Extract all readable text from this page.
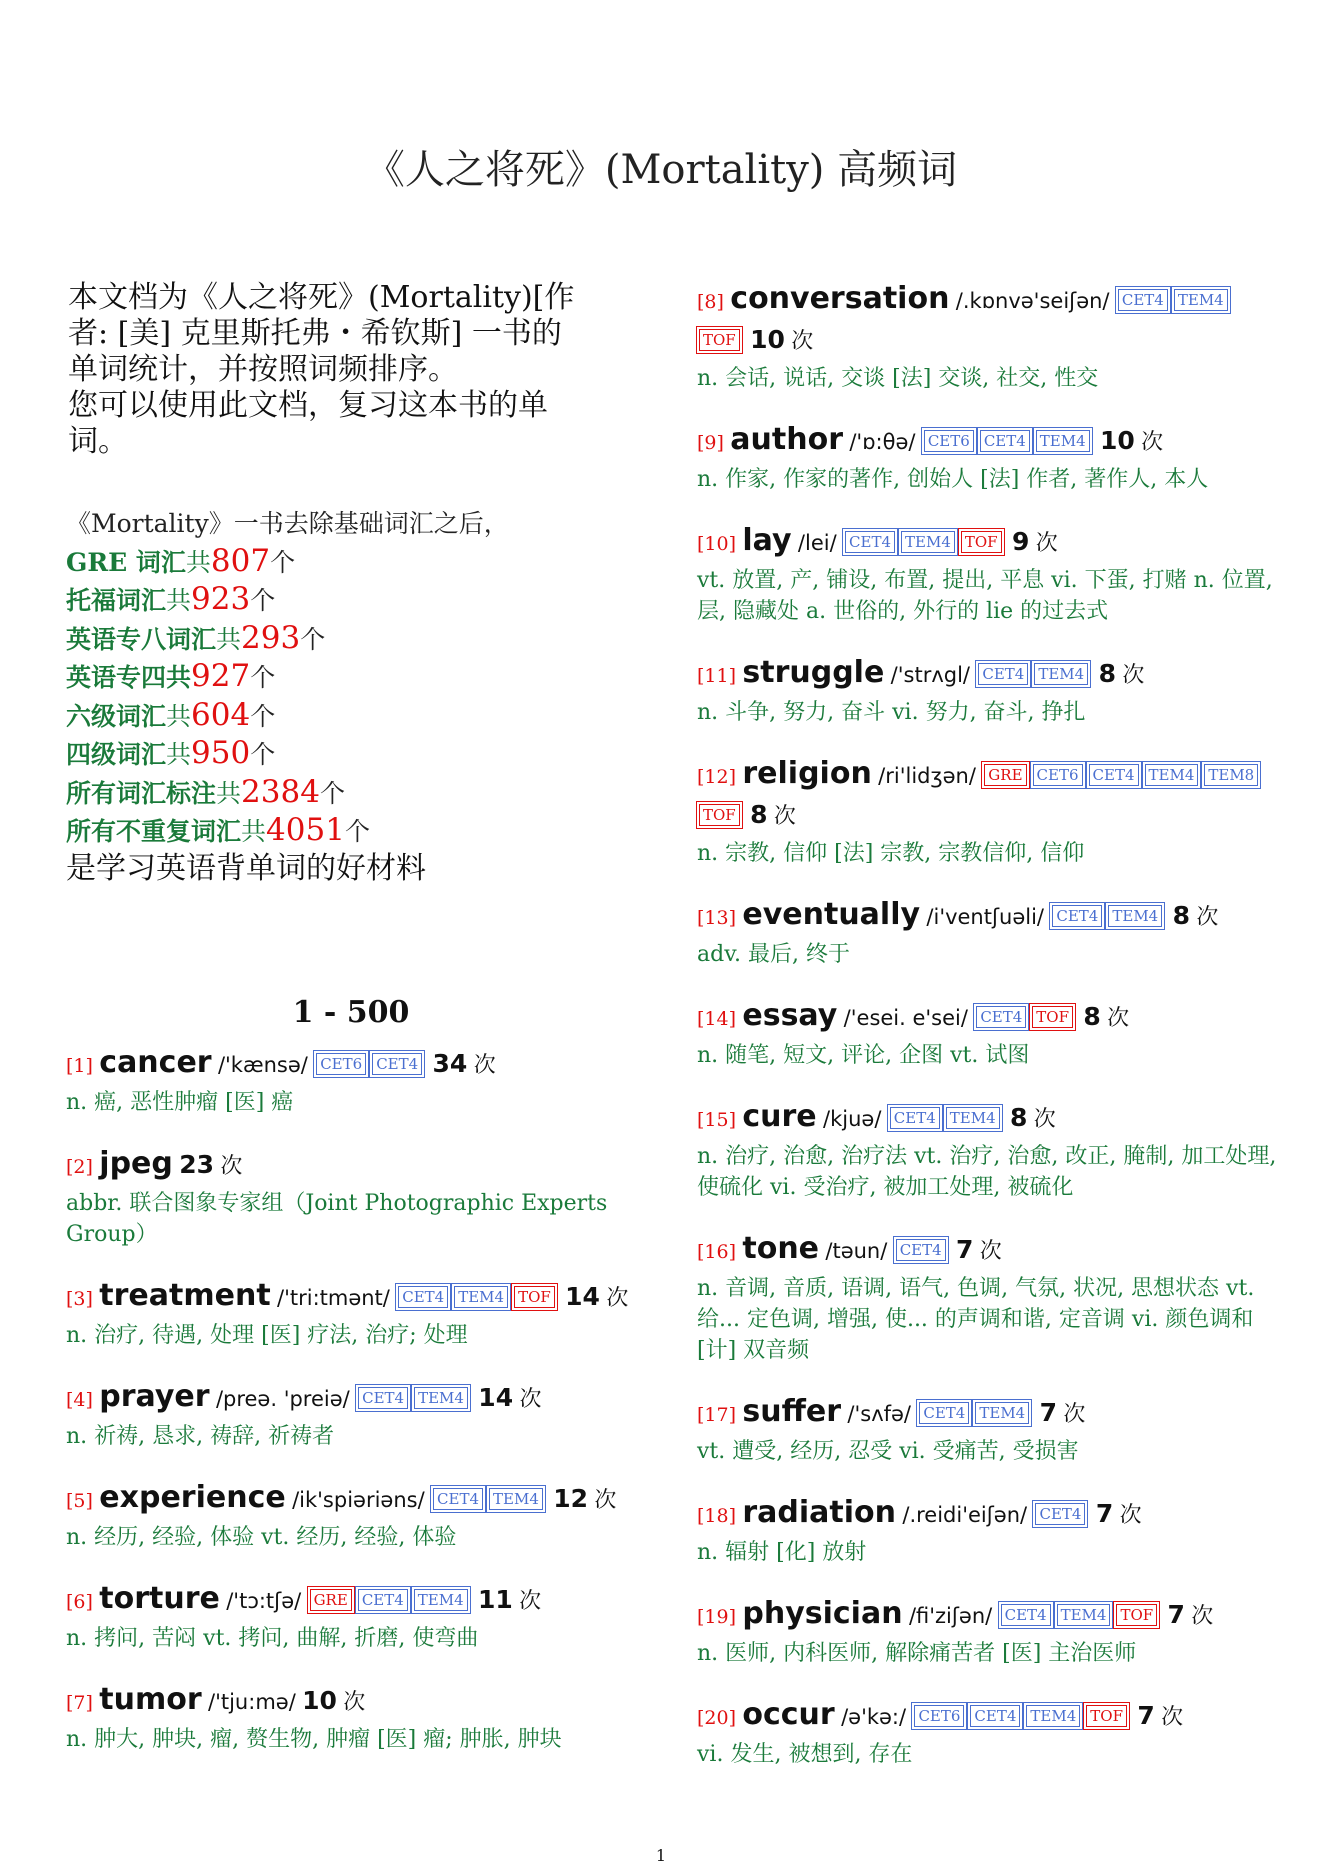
《人之将死》(Mortality) 高频词
本文档为《人之将死》(Mortality)[作
者: [美] 克里斯托弗・希钦斯] 一书的
单词统计，并按照词频排序。
您可以使用此文档，复习这本书的单
词。
《Mortality》一书去除基础词汇之后，
GRE 词汇共807个
托福词汇共923个
英语专八词汇共293个
英语专四共927个
六级词汇共604个
四级词汇共950个
所有词汇标注共2384个
所有不重复词汇共4051个
是学习英语背单词的好材料
1 - 500
[1] cancer /'kænsə/ CET6 CET4 34 次
n. 癌, 恶性肿瘤 [医] 癌
[2] jpeg 23 次
abbr. 联合图象专家组（Joint Photographic Experts Group）
[3] treatment /'tri:tmənt/ CET4 TEM4 TOF 14 次
n. 治疗, 待遇, 处理 [医] 疗法, 治疗; 处理
[4] prayer /preə. 'preiə/ CET4 TEM4 14 次
n. 祈祷, 恳求, 祷辞, 祈祷者
[5] experience /ik'spiəriəns/ CET4 TEM4 12 次
n. 经历, 经验, 体验 vt. 经历, 经验, 体验
[6] torture /'tɔ:tʃə/ GRE CET4 TEM4 11 次
n. 拷问, 苦闷 vt. 拷问, 曲解, 折磨, 使弯曲
[7] tumor /'tju:mə/ 10 次
n. 肿大, 肿块, 瘤, 赘生物, 肿瘤 [医] 瘤; 肿胀, 肿块
[8] conversation /.kɒnvə'seiʃən/ CET4 TEM4TOF 10 次
n. 会话, 说话, 交谈 [法] 交谈, 社交, 性交
[9] author /'ɒ:θə/ CET6 CET4 TEM4 10 次
n. 作家, 作家的著作, 创始人 [法] 作者, 著作人, 本人
[10] lay /lei/ CET4 TEM4 TOF 9 次
vt. 放置, 产, 铺设, 布置, 提出, 平息 vi. 下蛋, 打赌 n. 位置, 层, 隐藏处 a. 世俗的, 外行的 lie 的过去式
[11] struggle /'strʌgl/ CET4 TEM4 8 次
n. 斗争, 努力, 奋斗 vi. 努力, 奋斗, 挣扎
[12] religion /ri'lidʒən/ GRE CET6 CET4 TEM4 TEM8TOF 8 次
n. 宗教, 信仰 [法] 宗教, 宗教信仰, 信仰
[13] eventually /i'ventʃuəli/ CET4 TEM4 8 次
adv. 最后, 终于
[14] essay /'esei. e'sei/ CET4 TOF 8 次
n. 随笔, 短文, 评论, 企图 vt. 试图
[15] cure /kjuə/ CET4 TEM4 8 次
n. 治疗, 治愈, 治疗法 vt. 治疗, 治愈, 改正, 腌制, 加工处理, 使硫化 vi. 受治疗, 被加工处理, 被硫化
[16] tone /təun/ CET4 7 次
n. 音调, 音质, 语调, 语气, 色调, 气氛, 状况, 思想状态 vt. 给... 定色调, 增强, 使... 的声调和谐, 定音调 vi. 颜色调和 [计] 双音频
[17] suffer /'sʌfə/ CET4 TEM4 7 次
vt. 遭受, 经历, 忍受 vi. 受痛苦, 受损害
[18] radiation /.reidi'eiʃən/ CET4 7 次
n. 辐射 [化] 放射
[19] physician /fi'ziʃən/ CET4 TEM4 TOF 7 次
n. 医师, 内科医师, 解除痛苦者 [医] 主治医师
[20] occur /ə'kə:/ CET6 CET4 TEM4 TOF 7 次
vi. 发生, 被想到, 存在
1
